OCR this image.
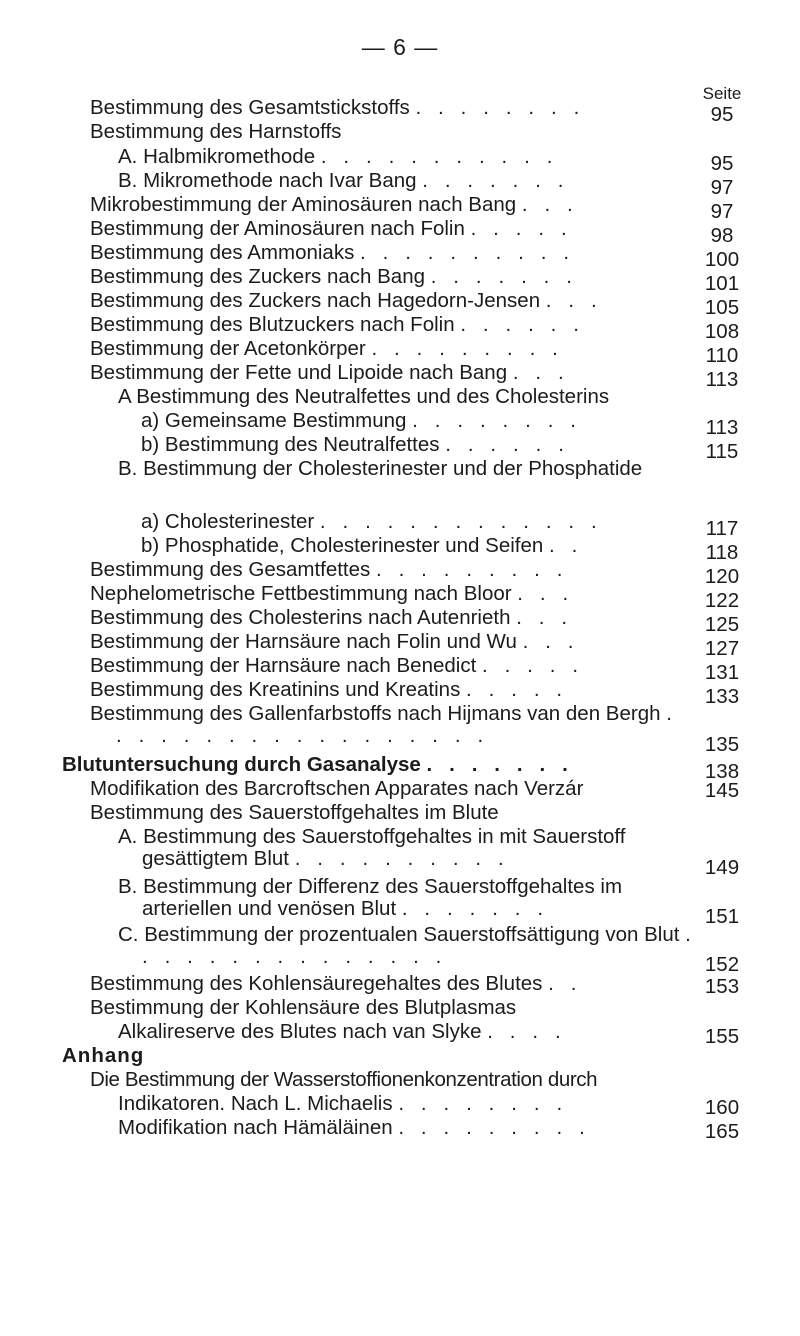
— 6 —
Seite
Bestimmung des Gesamtstickstoffs . . . . . . . .	95
Bestimmung des Harnstoffs
A. Halbmikromethode . . . . . . . . . . .	95
B. Mikromethode nach Ivar Bang . . . . . . .	97
Mikrobestimmung der Aminosäuren nach Bang . . .	97
Bestimmung der Aminosäuren nach Folin . . . . .	98
Bestimmung des Ammoniaks . . . . . . . . . .	100
Bestimmung des Zuckers nach Bang . . . . . . .	101
Bestimmung des Zuckers nach Hagedorn-Jensen . . .	105
Bestimmung des Blutzuckers nach Folin . . . . . .	108
Bestimmung der Acetonkörper . . . . . . . . .	110
Bestimmung der Fette und Lipoide nach Bang . . .	113
A Bestimmung des Neutralfettes und des Cholesterins
a) Gemeinsame Bestimmung . . . . . . . .	113
b) Bestimmung des Neutralfettes . . . . . .	115
B. Bestimmung der Cholesterinester und der Phosphatide
a) Cholesterinester . . . . . . . . . . . . .	117
b) Phosphatide, Cholesterinester und Seifen . .	118
Bestimmung des Gesamtfettes . . . . . . . . .	120
Nephelometrische Fettbestimmung nach Bloor . . .	122
Bestimmung des Cholesterins nach Autenrieth . . .	125
Bestimmung der Harnsäure nach Folin und Wu . . .	127
Bestimmung der Harnsäure nach Benedict . . . . .	131
Bestimmung des Kreatinins und Kreatins . . . . .	133
Bestimmung des Gallenfarbstoffs nach Hijmans van den Bergh . . . . . . . . . . . . . . . . . .	135
Blutuntersuchung durch Gasanalyse . . . . . . .	138
Modifikation des Barcroftschen Apparates nach Verzár	145
Bestimmung des Sauerstoffgehaltes im Blute
A. Bestimmung des Sauerstoffgehaltes in mit Sauerstoff gesättigtem Blut . . . . . . . . . .	149
B. Bestimmung der Differenz des Sauerstoffgehaltes im arteriellen und venösen Blut . . . . . . .	151
C. Bestimmung der prozentualen Sauerstoffsättigung von Blut . . . . . . . . . . . . . . .	152
Bestimmung des Kohlensäuregehaltes des Blutes . .	153
Bestimmung der Kohlensäure des Blutplasmas
Alkalireserve des Blutes nach van Slyke . . . .	155
Anhang
Die Bestimmung der Wasserstoffionenkonzentration durch
Indikatoren. Nach L. Michaelis . . . . . . . .	160
Modifikation nach Hämäläinen . . . . . . . . .	165
